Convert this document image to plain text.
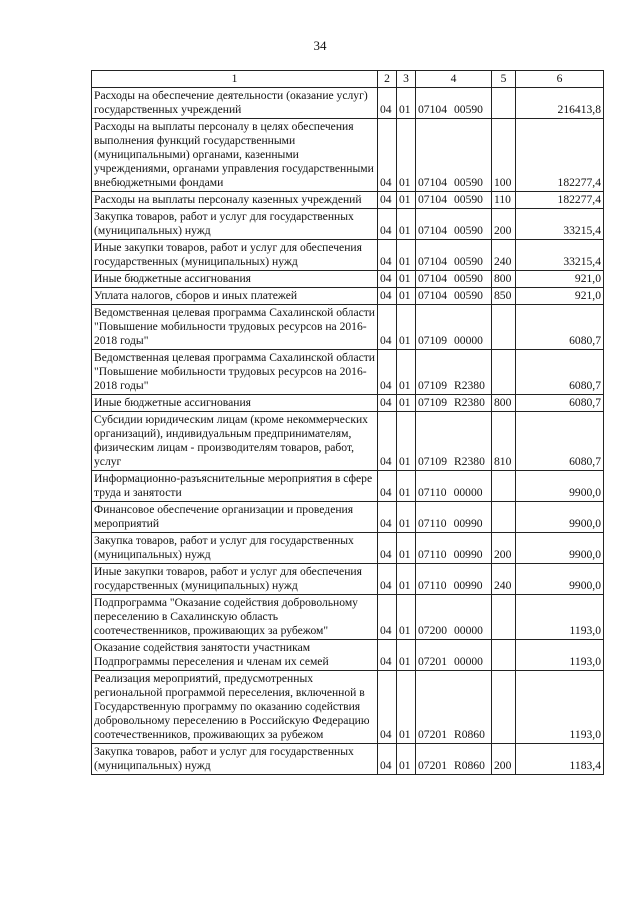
34
1	2	3	4	5	6
Расходы на обеспечение деятельности (оказание услуг) государственных учреждений	04	01	07104 00590		216413,8
Расходы на выплаты персоналу в целях обеспечения выполнения функций государственными (муниципальными) органами, казенными учреждениями, органами управления государственными внебюджетными фондами	04	01	07104 00590	100	182277,4
Расходы на выплаты персоналу казенных учреждений	04	01	07104 00590	110	182277,4
Закупка товаров, работ и услуг для государственных (муниципальных) нужд	04	01	07104 00590	200	33215,4
Иные закупки товаров, работ и услуг для обеспечения государственных (муниципальных) нужд	04	01	07104 00590	240	33215,4
Иные бюджетные ассигнования	04	01	07104 00590	800	921,0
Уплата налогов, сборов и иных платежей	04	01	07104 00590	850	921,0
Ведомственная целевая программа Сахалинской области "Повышение мобильности трудовых ресурсов на 2016-2018 годы"	04	01	07109 00000		6080,7
Ведомственная целевая программа Сахалинской области "Повышение мобильности трудовых ресурсов на 2016-2018 годы"	04	01	07109 R2380		6080,7
Иные бюджетные ассигнования	04	01	07109 R2380	800	6080,7
Субсидии юридическим лицам (кроме некоммерческих организаций), индивидуальным предпринимателям, физическим лицам - производителям товаров, работ, услуг	04	01	07109 R2380	810	6080,7
Информационно-разъяснительные мероприятия в сфере труда и занятости	04	01	07110 00000		9900,0
Финансовое обеспечение организации и проведения мероприятий	04	01	07110 00990		9900,0
Закупка товаров, работ и услуг для государственных (муниципальных) нужд	04	01	07110 00990	200	9900,0
Иные закупки товаров, работ и услуг для обеспечения государственных (муниципальных) нужд	04	01	07110 00990	240	9900,0
Подпрограмма "Оказание содействия добровольному переселению в Сахалинскую область соотечественников, проживающих за рубежом"	04	01	07200 00000		1193,0
Оказание содействия занятости участникам Подпрограммы переселения и членам их семей	04	01	07201 00000		1193,0
Реализация мероприятий, предусмотренных региональной программой переселения, включенной в Государственную программу по оказанию содействия добровольному переселению в Российскую Федерацию соотечественников, проживающих за рубежом	04	01	07201 R0860		1193,0
Закупка товаров, работ и услуг для государственных (муниципальных) нужд	04	01	07201 R0860	200	1183,4
